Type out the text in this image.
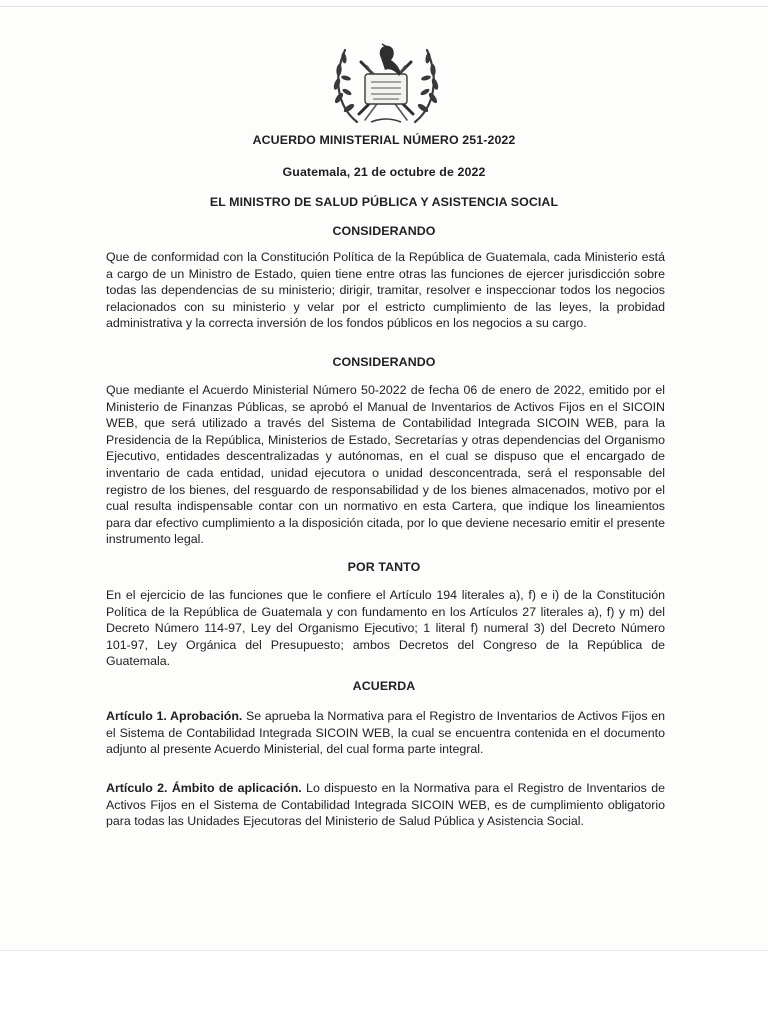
ACUERDO MINISTERIAL NÚMERO 251-2022
Guatemala, 21 de octubre de 2022
EL MINISTRO DE SALUD PÚBLICA Y ASISTENCIA SOCIAL
CONSIDERANDO
Que de conformidad con la Constitución Política de la República de Guatemala, cada Ministerio está a cargo de un Ministro de Estado, quien tiene entre otras las funciones de ejercer jurisdicción sobre todas las dependencias de su ministerio; dirigir, tramitar, resolver e inspeccionar todos los negocios relacionados con su ministerio y velar por el estricto cumplimiento de las leyes, la probidad administrativa y la correcta inversión de los fondos públicos en los negocios a su cargo.
CONSIDERANDO
Que mediante el Acuerdo Ministerial Número 50-2022 de fecha 06 de enero de 2022, emitido por el Ministerio de Finanzas Públicas, se aprobó el Manual de Inventarios de Activos Fijos en el SICOIN WEB, que será utilizado a través del Sistema de Contabilidad Integrada SICOIN WEB, para la Presidencia de la República, Ministerios de Estado, Secretarías y otras dependencias del Organismo Ejecutivo, entidades descentralizadas y autónomas, en el cual se dispuso que el encargado de inventario de cada entidad, unidad ejecutora o unidad desconcentrada, será el responsable del registro de los bienes, del resguardo de responsabilidad y de los bienes almacenados, motivo por el cual resulta indispensable contar con un normativo en esta Cartera, que indique los lineamientos para dar efectivo cumplimiento a la disposición citada, por lo que deviene necesario emitir el presente instrumento legal.
POR TANTO
En el ejercicio de las funciones que le confiere el Artículo 194 literales a), f) e i) de la Constitución Política de la República de Guatemala y con fundamento en los Artículos 27 literales a), f) y m) del Decreto Número 114-97, Ley del Organismo Ejecutivo; 1 literal f) numeral 3) del Decreto Número 101-97, Ley Orgánica del Presupuesto; ambos Decretos del Congreso de la República de Guatemala.
ACUERDA
Artículo 1. Aprobación. Se aprueba la Normativa para el Registro de Inventarios de Activos Fijos en el Sistema de Contabilidad Integrada SICOIN WEB, la cual se encuentra contenida en el documento adjunto al presente Acuerdo Ministerial, del cual forma parte integral.
Artículo 2. Ámbito de aplicación. Lo dispuesto en la Normativa para el Registro de Inventarios de Activos Fijos en el Sistema de Contabilidad Integrada SICOIN WEB, es de cumplimiento obligatorio para todas las Unidades Ejecutoras del Ministerio de Salud Pública y Asistencia Social.
